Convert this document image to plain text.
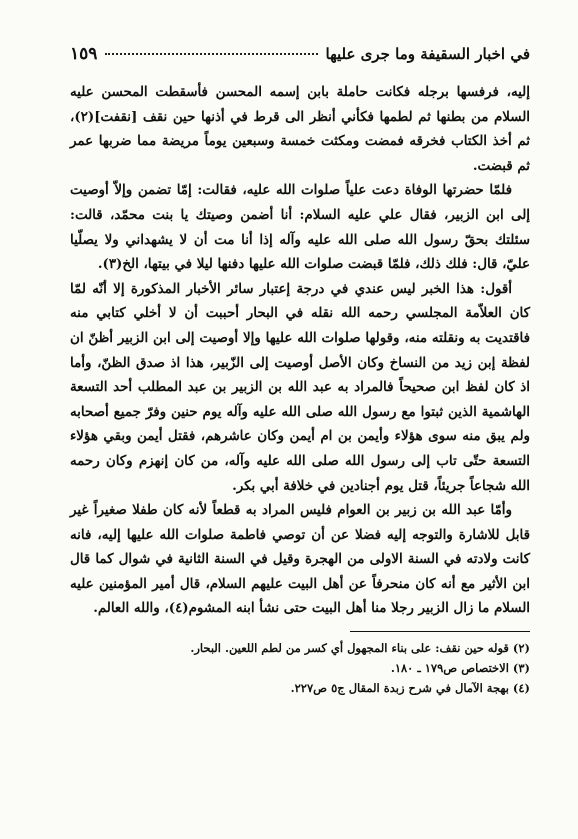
في اخبار السقيفة وما جرى عليها
١٥٩

إليه، فرفسها برجله فكانت حاملة بابن إسمه المحسن فأسقطت المحسن عليه السلام من بطنها ثم لطمها فكأني أنظر الى قرط في أذنها حين نقف [نقفت](٢)، ثم أخذ الكتاب فخرقه فمضت ومكثت خمسة وسبعين يوماً مريضة مما ضربها عمر ثم قبضت.

فلمّا حضرتها الوفاة دعت علياً صلوات الله عليه، فقالت: إمّا تضمن وإلاّ أوصيت إلى ابن الزبير، فقال علي عليه السلام: أنا أضمن وصيتك يا بنت محمّد، قالت: سئلتك بحقّ رسول الله صلى الله عليه وآله إذا أنا مت أن لا يشهداني ولا يصلّيا عليّ، قال: فلك ذلك، فلمّا قبضت صلوات الله عليها دفنها ليلا في بيتها، الخ(٣).

أقول: هذا الخبر ليس عندي في درجة إعتبار سائر الأخبار المذكورة إلا أنّه لمّا كان العلاّمة المجلسي رحمه الله نقله في البحار أحببت أن لا أخلي كتابي منه فاقتديت به ونقلته منه، وقولها صلوات الله عليها وإلا أوصيت إلى ابن الزبير أظنّ ان لفظة إبن زيد من النساخ وكان الأصل أوصيت إلى الزّبير، هذا اذ صدق الظنّ، وأما اذ كان لفظ ابن صحيحاً فالمراد به عبد الله بن الزبير بن عبد المطلب أحد التسعة الهاشمية الذين ثبتوا مع رسول الله صلى الله عليه وآله يوم حنين وفرّ جميع أصحابه ولم يبق منه سوى هؤلاء وأيمن بن ام أيمن وكان عاشرهم، فقتل أيمن وبقي هؤلاء التسعة حتّى تاب إلى رسول الله صلى الله عليه وآله، من كان إنهزم وكان رحمه الله شجاعاً جريئاً، قتل يوم أجنادين في خلافة أبي بكر.

وأمّا عبد الله بن زبير بن العوام فليس المراد به قطعاً لأنه كان طفلا صغيراً غير قابل للاشارة والتوجه إليه فضلا عن أن توصي فاطمة صلوات الله عليها إليه، فانه كانت ولادته في السنة الاولى من الهجرة وقيل في السنة الثانية في شوال كما قال ابن الأثير مع أنه كان منحرفاً عن أهل البيت عليهم السلام، قال أمير المؤمنين عليه السلام ما زال الزبير رجلا منا أهل البيت حتى نشأ ابنه المشوم(٤)، والله العالم.

(٢) قوله حين نقف: على بناء المجهول أي كسر من لطم اللعين. البحار.

(٣) الاختصاص ص١٧٩ ـ ١٨٠.

(٤) بهجة الآمال في شرح زبدة المقال ج٥ ص٢٢٧.
